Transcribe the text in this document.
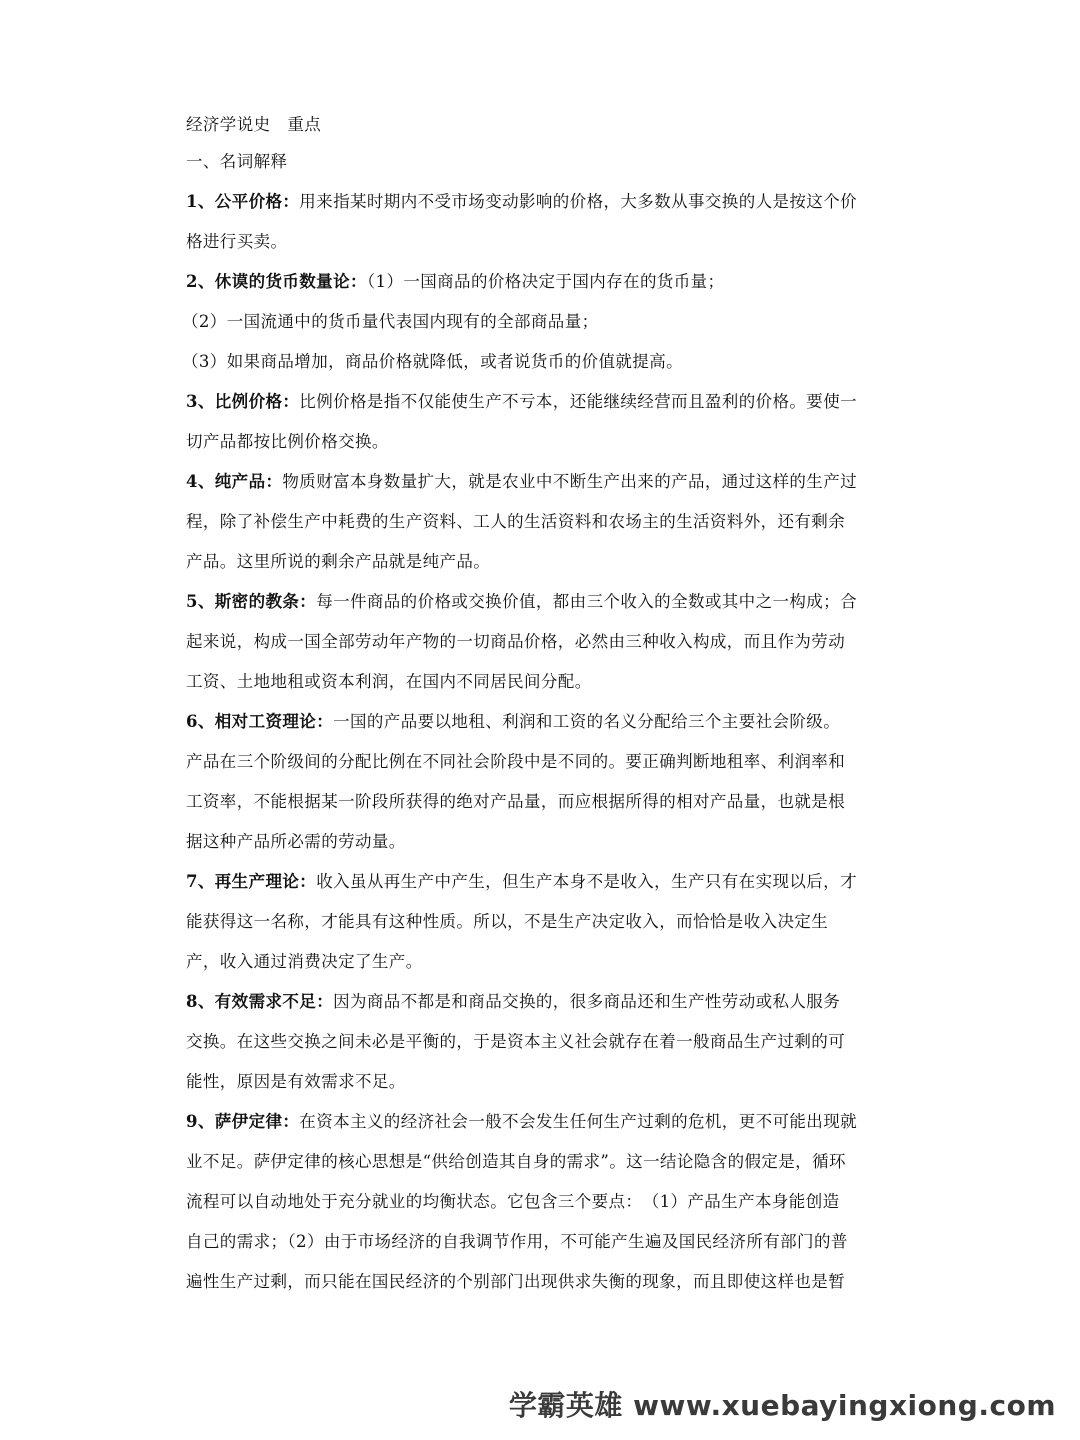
经济学说史　重点
一、名词解释
1、公平价格：用来指某时期内不受市场变动影响的价格，大多数从事交换的人是按这个价
格进行买卖。
2、休谟的货币数量论：（1）一国商品的价格决定于国内存在的货币量；
（2）一国流通中的货币量代表国内现有的全部商品量；
（3）如果商品增加，商品价格就降低，或者说货币的价值就提高。
3、比例价格：比例价格是指不仅能使生产不亏本，还能继续经营而且盈利的价格。要使一
切产品都按比例价格交换。
4、纯产品：物质财富本身数量扩大，就是农业中不断生产出来的产品，通过这样的生产过
程，除了补偿生产中耗费的生产资料、工人的生活资料和农场主的生活资料外，还有剩余
产品。这里所说的剩余产品就是纯产品。
5、斯密的教条：每一件商品的价格或交换价值，都由三个收入的全数或其中之一构成；合
起来说，构成一国全部劳动年产物的一切商品价格，必然由三种收入构成，而且作为劳动
工资、土地地租或资本利润，在国内不同居民间分配。
6、相对工资理论：一国的产品要以地租、利润和工资的名义分配给三个主要社会阶级。
产品在三个阶级间的分配比例在不同社会阶段中是不同的。要正确判断地租率、利润率和
工资率，不能根据某一阶段所获得的绝对产品量，而应根据所得的相对产品量，也就是根
据这种产品所必需的劳动量。
7、再生产理论：收入虽从再生产中产生，但生产本身不是收入，生产只有在实现以后，才
能获得这一名称，才能具有这种性质。所以，不是生产决定收入，而恰恰是收入决定生
产，收入通过消费决定了生产。
8、有效需求不足：因为商品不都是和商品交换的，很多商品还和生产性劳动或私人服务
交换。在这些交换之间未必是平衡的，于是资本主义社会就存在着一般商品生产过剩的可
能性，原因是有效需求不足。
9、萨伊定律：在资本主义的经济社会一般不会发生任何生产过剩的危机，更不可能出现就
业不足。萨伊定律的核心思想是“供给创造其自身的需求”。这一结论隐含的假定是，循环
流程可以自动地处于充分就业的均衡状态。它包含三个要点：　（1）产品生产本身能创造
自己的需求；（2）由于市场经济的自我调节作用，不可能产生遍及国民经济所有部门的普
遍性生产过剩，而只能在国民经济的个别部门出现供求失衡的现象，而且即使这样也是暂
学霸英雄 www.xuebayingxiong.com
